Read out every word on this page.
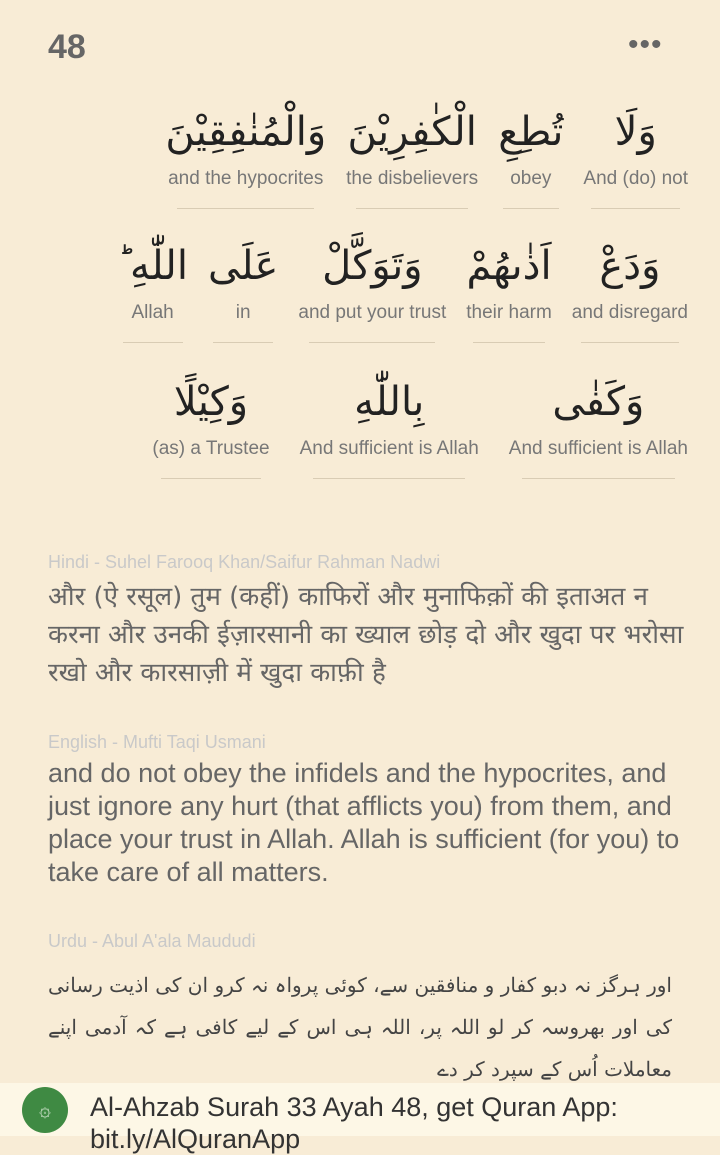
48	•••
وَلَا
And (do) not
تُطِعِ
obey
الْكٰفِرِيْنَ
the disbelievers
وَالْمُنٰفِقِيْنَ
and the hypocrites
وَدَعْ
and disregard
اَذٰىهُمْ
their harm
وَتَوَكَّلْ
and put your trust
عَلَى
in
اللّٰهِ ؕ
Allah
وَكَفٰى
And sufficient is Allah
بِاللّٰهِ
And sufficient is Allah
وَكِيْلًا
(as) a Trustee
Hindi - Suhel Farooq Khan/Saifur Rahman Nadwi
और (ऐ रसूल) तुम (कहीं) काफिरों और मुनाफिक़ों की इताअत न करना और उनकी ईज़ारसानी का ख्याल छोड़ दो और खुदा पर भरोसा रखो और कारसाज़ी में खुदा काफ़ी है
English - Mufti Taqi Usmani
and do not obey the infidels and the hypocrites, and just ignore any hurt (that afflicts you) from them, and place your trust in Allah. Allah is sufficient (for you) to take care of all matters.
Urdu - Abul A'ala Maududi
اور ہرگز نہ دبو کفار و منافقین سے، کوئی پرواہ نہ کرو ان کی اذیت رسانی کی اور بھروسہ کر لو اللہ پر، اللہ ہی اس کے لیے کافی ہے کہ آدمی اپنے معاملات اُس کے سپرد کر دے
۞	Al-Ahzab Surah 33 Ayah 48, get Quran App: bit.ly/AlQuranApp
